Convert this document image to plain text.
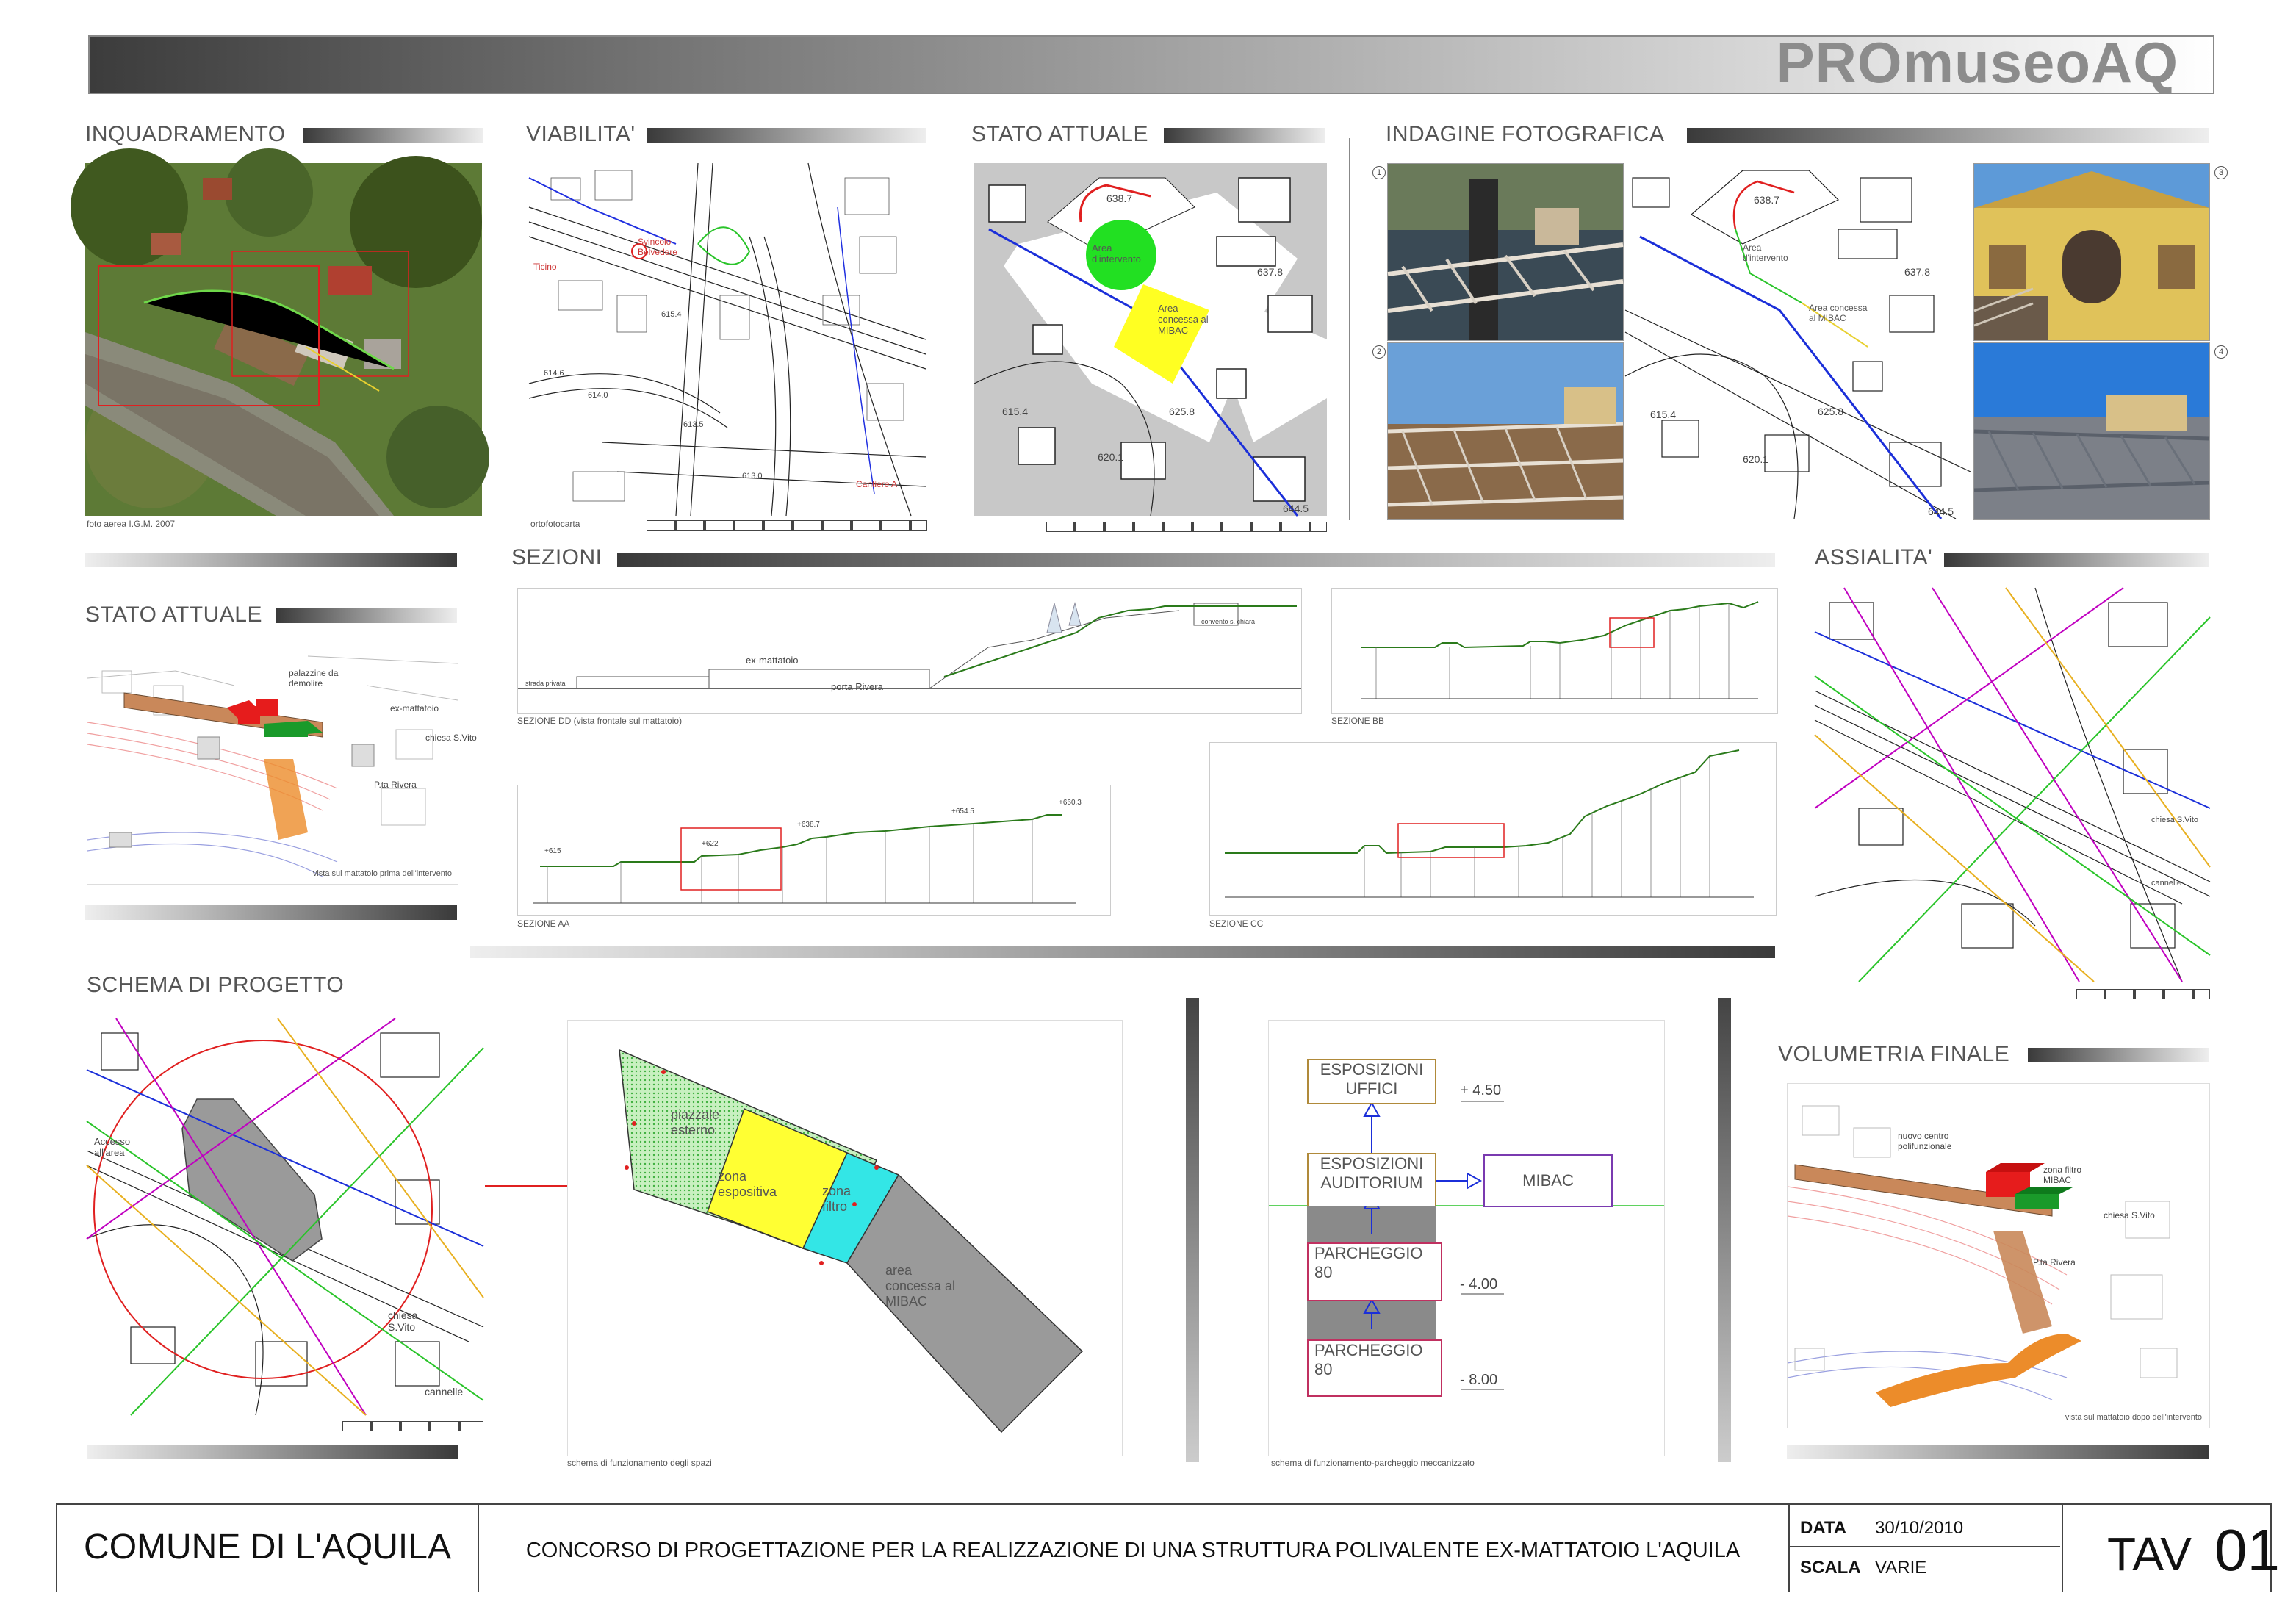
PROmuseoAQ
INQUADRAMENTO
foto aerea I.G.M. 2007
VIABILITA'
Svincolo Belvedere
Ticino
Cantiere A
615.4
614.6
614.0
613.5
613.0
ortofotocarta
STATO ATTUALE
Area d'intervento
Area concessa al MIBAC
638.7
637.8
615.4	625.8
620.1
644.5
INDAGINE FOTOGRAFICA
1
2
3
4
Area d'intervento
Area concessa al MIBAC
638.7
637.8
615.4	625.8
620.1
644.5
SEZIONI	ASSIALITA'
STATO ATTUALE
palazzine da demolire
ex-mattatoio
chiesa S.Vito
P.ta Rivera
vista sul mattatoio prima dell'intervento
ex-mattatoio
porta Rivera
strada privata
convento s. chiara
SEZIONE DD (vista frontale sul mattatoio)	SEZIONE BB
+615
+622
+638.7
+654.5
+660.3
SEZIONE AA	SEZIONE CC
chiesa S.Vito
cannelle
SCHEMA DI PROGETTO
Accesso all'area
chiesa S.Vito
cannelle
piazzale esterno
zona espositiva	zona filtro
area concessa al MIBAC
schema di funzionamento degli spazi
ESPOSIZIONI UFFICI
ESPOSIZIONI AUDITORIUM	MIBAC
PARCHEGGIO
80
PARCHEGGIO
80
+ 4.50
- 4.00
- 8.00
schema di funzionamento-parcheggio meccanizzato
VOLUMETRIA FINALE
nuovo centro polifunzionale
zona filtro MIBAC
chiesa S.Vito
P.ta Rivera
vista sul mattatoio dopo dell'intervento
COMUNE DI L'AQUILA	CONCORSO DI PROGETTAZIONE PER LA REALIZZAZIONE DI UNA STRUTTURA POLIVALENTE EX-MATTATOIO L'AQUILA
DATA 30/10/2010
SCALA VARIE	TAV 01
